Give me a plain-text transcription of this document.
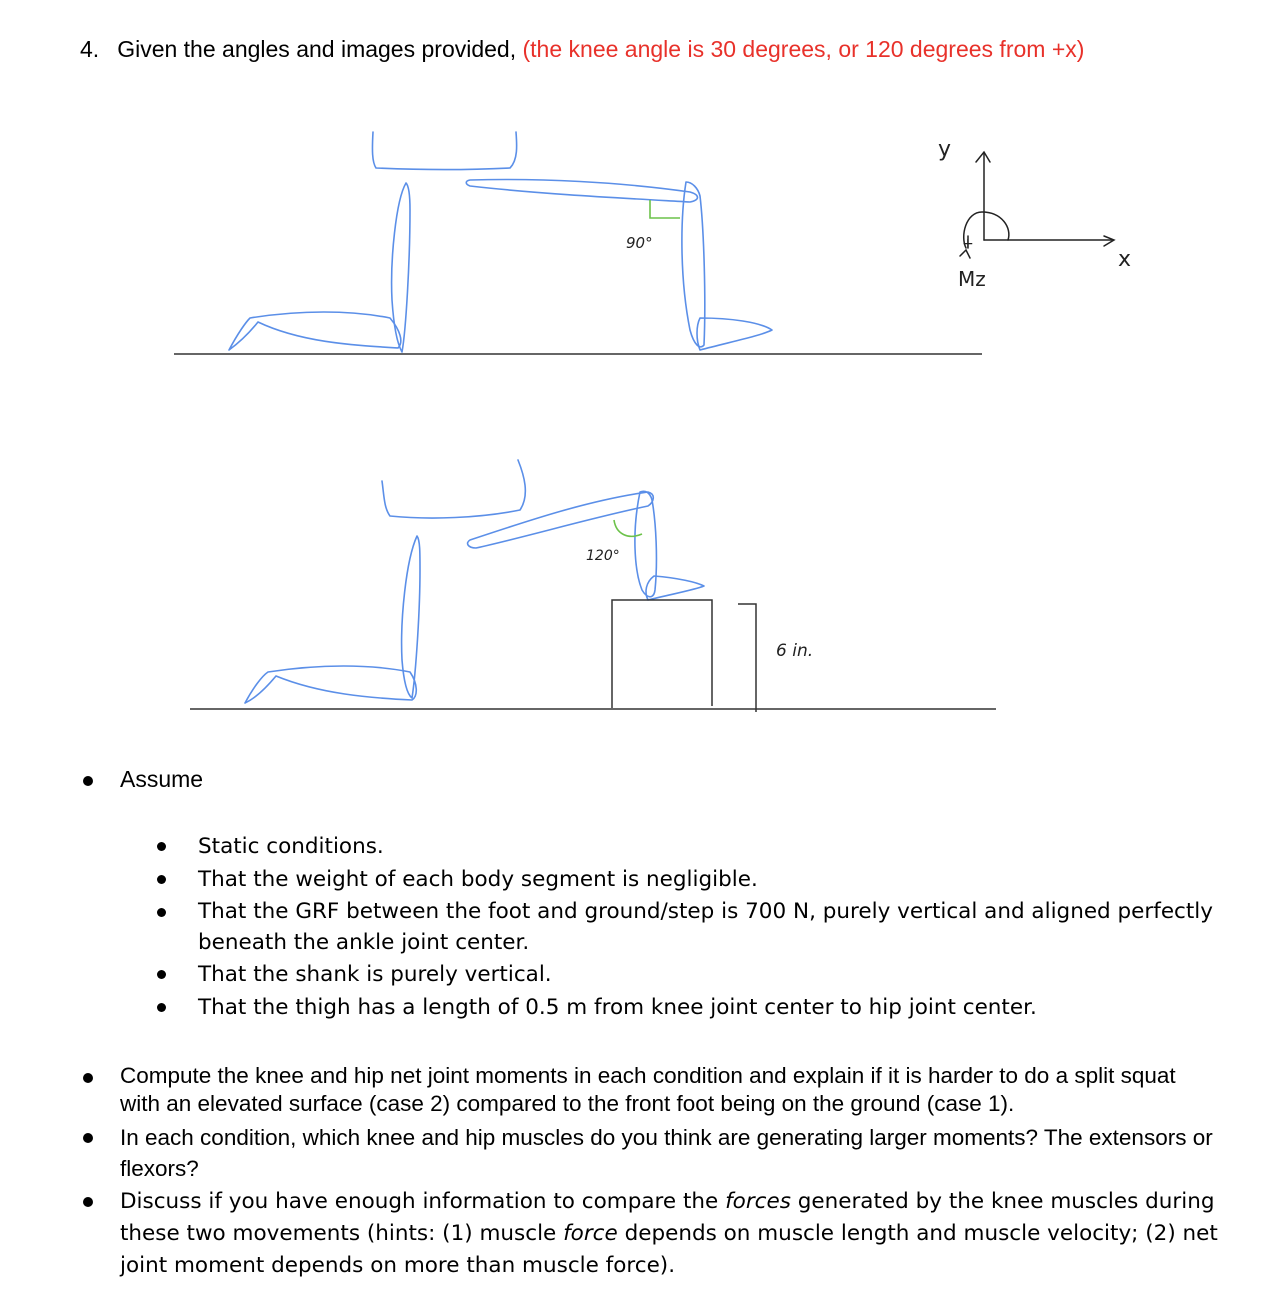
4. Given the angles and images provided, (the knee angle is 30 degrees, or 120 degrees from +x)
90°
y
x
+
Mz
120°
6 in.
Assume
Static conditions.
That the weight of each body segment is negligible.
That the GRF between the foot and ground/step is 700 N, purely vertical and aligned perfectly beneath the ankle joint center.
That the shank is purely vertical.
That the thigh has a length of 0.5 m from knee joint center to hip joint center.
Compute the knee and hip net joint moments in each condition and explain if it is harder to do a split squat with an elevated surface (case 2) compared to the front foot being on the ground (case 1).
In each condition, which knee and hip muscles do you think are generating larger moments? The extensors or flexors?
Discuss if you have enough information to compare the forces generated by the knee muscles during these two movements (hints: (1) muscle force depends on muscle length and muscle velocity; (2) net joint moment depends on more than muscle force).
